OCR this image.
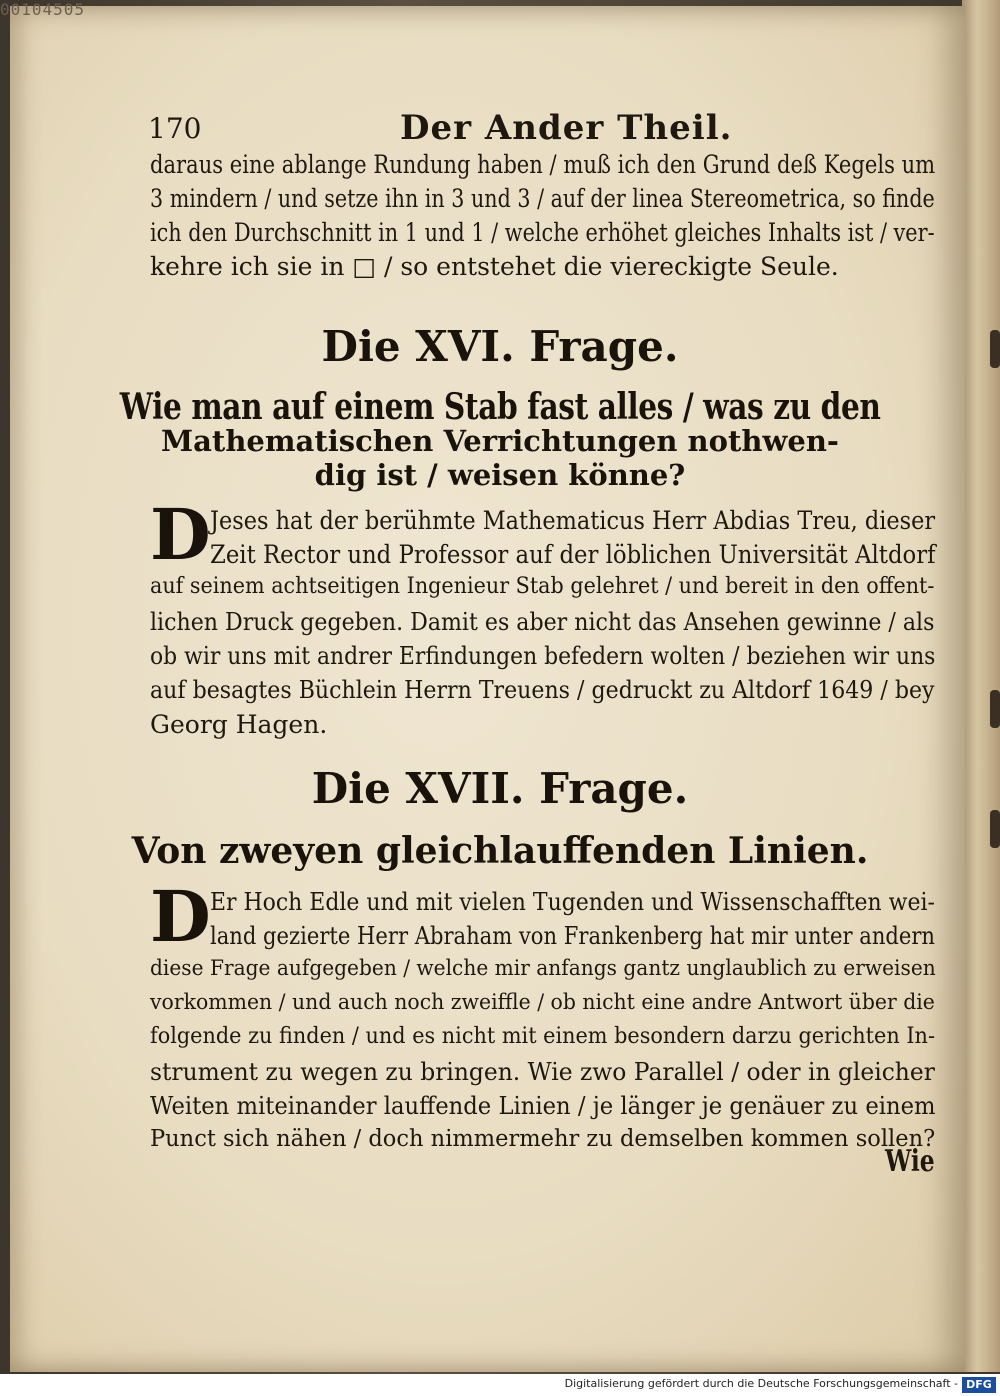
00104505
170	Der Ander Theil.
daraus eine ablange Rundung haben / muß ich den Grund deß Kegels um
3 mindern / und setze ihn in 3 und 3 / auf der linea Stereometrica, so finde
ich den Durchschnitt in 1 und 1 / welche erhöhet gleiches Inhalts ist / ver-
kehre ich sie in □ / so entstehet die viereckigte Seule.
Die XVI. Frage.
Wie man auf einem Stab fast alles / was zu den
Mathematischen Verrichtungen nothwen-
dig ist / weisen könne?
D Jeses hat der berühmte Mathematicus Herr Abdias Treu, dieser
Zeit Rector und Professor auf der löblichen Universität Altdorf
auf seinem achtseitigen Ingenieur Stab gelehret / und bereit in den offent-
lichen Druck gegeben. Damit es aber nicht das Ansehen gewinne / als
ob wir uns mit andrer Erfindungen befedern wolten / beziehen wir uns
auf besagtes Büchlein Herrn Treuens / gedruckt zu Altdorf 1649 / bey
Georg Hagen.
Die XVII. Frage.
Von zweyen gleichlauffenden Linien.
D Er Hoch Edle und mit vielen Tugenden und Wissenschafften wei-
land gezierte Herr Abraham von Frankenberg hat mir unter andern
diese Frage aufgegeben / welche mir anfangs gantz unglaublich zu erweisen
vorkommen / und auch noch zweiffle / ob nicht eine andre Antwort über die
folgende zu finden / und es nicht mit einem besondern darzu gerichten In-
strument zu wegen zu bringen. Wie zwo Parallel / oder in gleicher
Weiten miteinander lauffende Linien / je länger je genäuer zu einem
Punct sich nähen / doch nimmermehr zu demselben kommen sollen?
Wie
Digitalisierung gefördert durch die Deutsche Forschungsgemeinschaft - DFG
